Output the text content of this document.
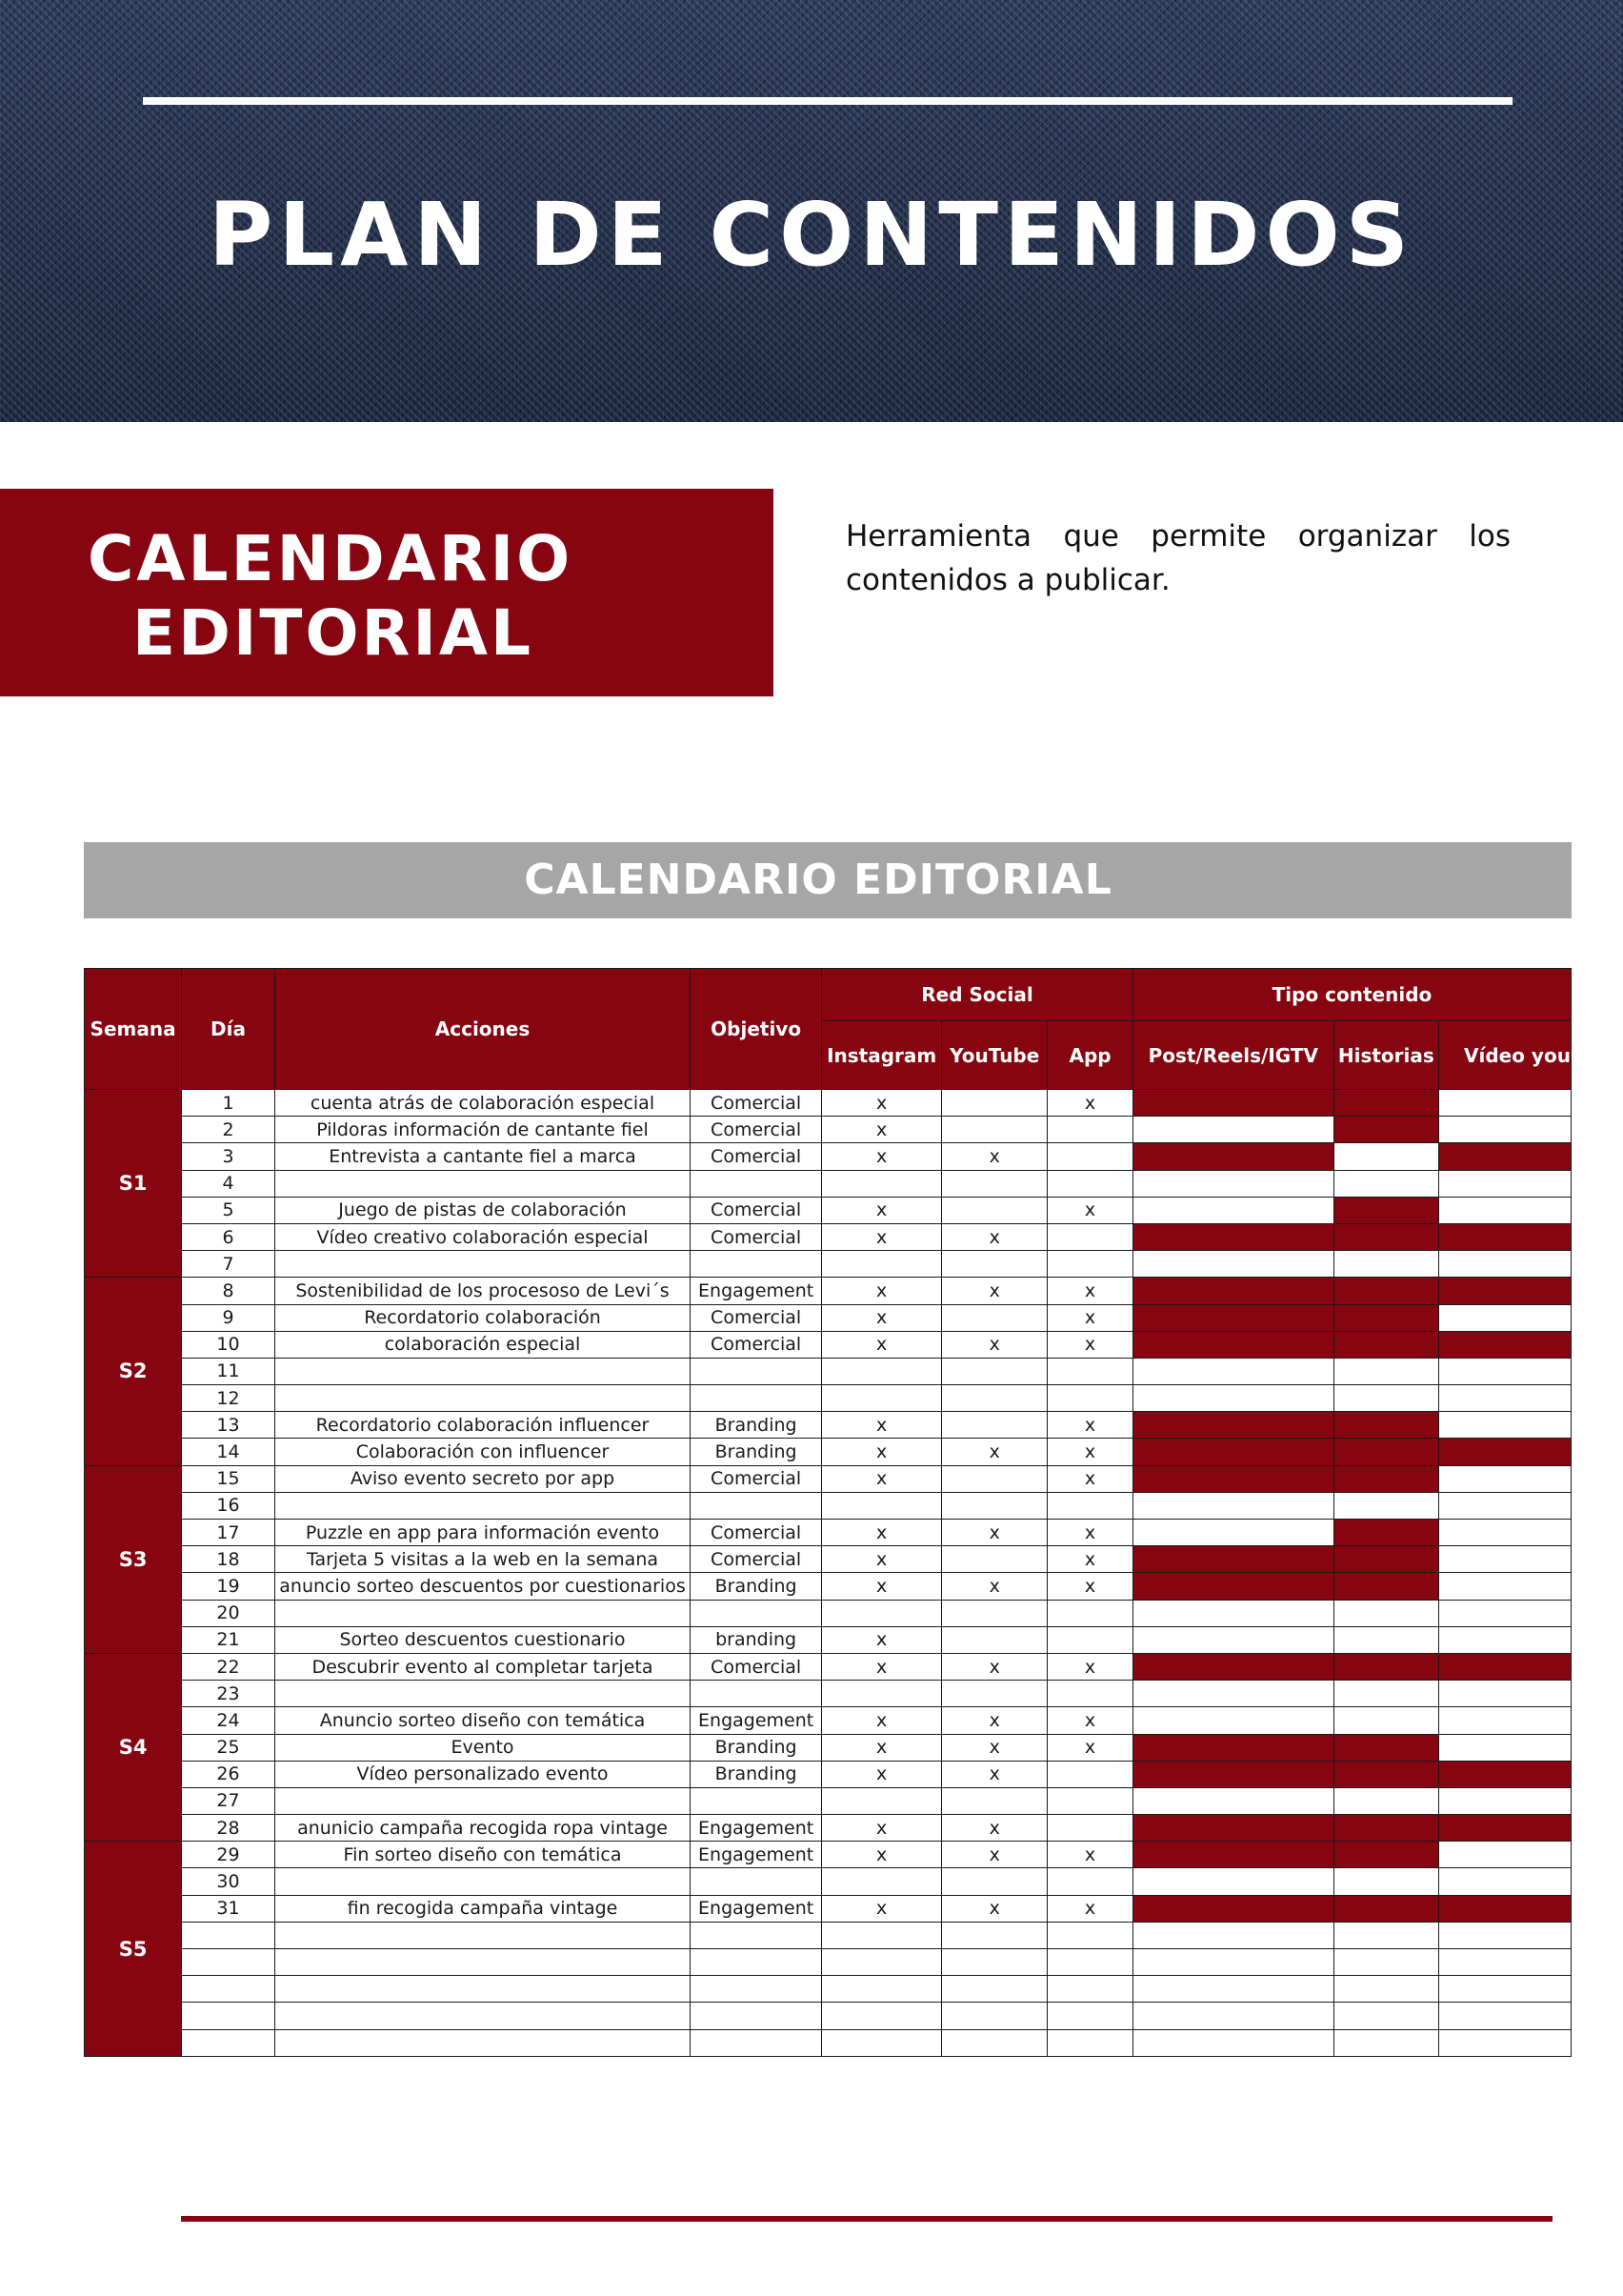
PLAN DE CONTENIDOS
CALENDARIO
EDITORIAL
Herramienta que permite organizar los contenidos a publicar.
CALENDARIO EDITORIAL
Semana	Día	Acciones	Objetivo	Red Social			Tipo contenido		
				Instagram	YouTube	App	Post/Reels/IGTV	Historias	Vídeo you
S1	1	cuenta atrás de colaboración especial	Comercial	x		x			
	2	Pildoras información de cantante fiel	Comercial	x					
	3	Entrevista a cantante fiel a marca	Comercial	x	x				
	4								
	5	Juego de pistas de colaboración	Comercial	x		x			
	6	Vídeo creativo colaboración especial	Comercial	x	x				
	7								
S2	8	Sostenibilidad de los procesoso de Levi´s	Engagement	x	x	x			
	9	Recordatorio colaboración	Comercial	x		x			
	10	colaboración especial	Comercial	x	x	x			
	11								
	12								
	13	Recordatorio colaboración influencer	Branding	x		x			
	14	Colaboración con influencer	Branding	x	x	x			
S3	15	Aviso evento secreto por app	Comercial	x		x			
	16								
	17	Puzzle en app para información evento	Comercial	x	x	x			
	18	Tarjeta 5 visitas a la web en la semana	Comercial	x		x			
	19	anuncio sorteo descuentos por cuestionarios	Branding	x	x	x			
	20								
	21	Sorteo descuentos cuestionario	branding	x					
S4	22	Descubrir evento al completar tarjeta	Comercial	x	x	x			
	23								
	24	Anuncio sorteo diseño con temática	Engagement	x	x	x			
	25	Evento	Branding	x	x	x			
	26	Vídeo personalizado evento	Branding	x	x				
	27								
	28	anunicio campaña recogida ropa vintage	Engagement	x	x				
S5	29	Fin sorteo diseño con temática	Engagement	x	x	x			
	30								
	31	fin recogida campaña vintage	Engagement	x	x	x			
